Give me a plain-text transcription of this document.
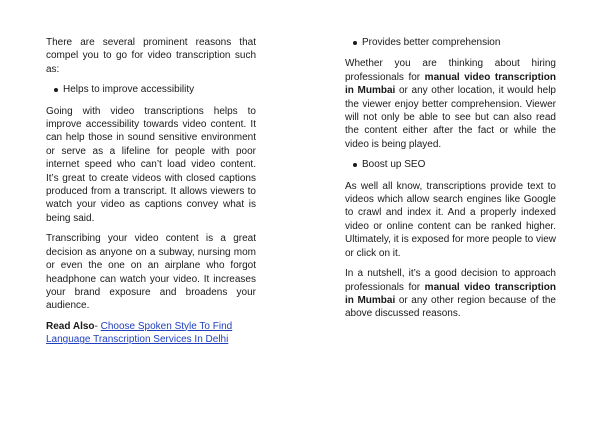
There are several prominent reasons that compel you to go for video transcription such as:

Helps to improve accessibility

Going with video transcriptions helps to improve accessibility towards video content. It can help those in sound sensitive environment or serve as a lifeline for people with poor internet speed who can’t load video content. It’s great to create videos with closed captions produced from a transcript. It allows viewers to watch your video as captions convey what is being said.

Transcribing your video content is a great decision as anyone on a subway, nursing mom or even the one on an airplane who forgot headphone can watch your video. It increases your brand exposure and broadens your audience.

Read Also- Choose Spoken Style To Find Language Transcription Services In Delhi

Provides better comprehension

Whether you are thinking about hiring professionals for manual video transcription in Mumbai or any other location, it would help the viewer enjoy better comprehension. Viewer will not only be able to see but can also read the content either after the fact or while the video is being played.

Boost up SEO

As well all know, transcriptions provide text to videos which allow search engines like Google to crawl and index it. And a properly indexed video or online content can be ranked higher. Ultimately, it is exposed for more people to view or click on it.

In a nutshell, it’s a good decision to approach professionals for manual video transcription in Mumbai or any other region because of the above discussed reasons.
